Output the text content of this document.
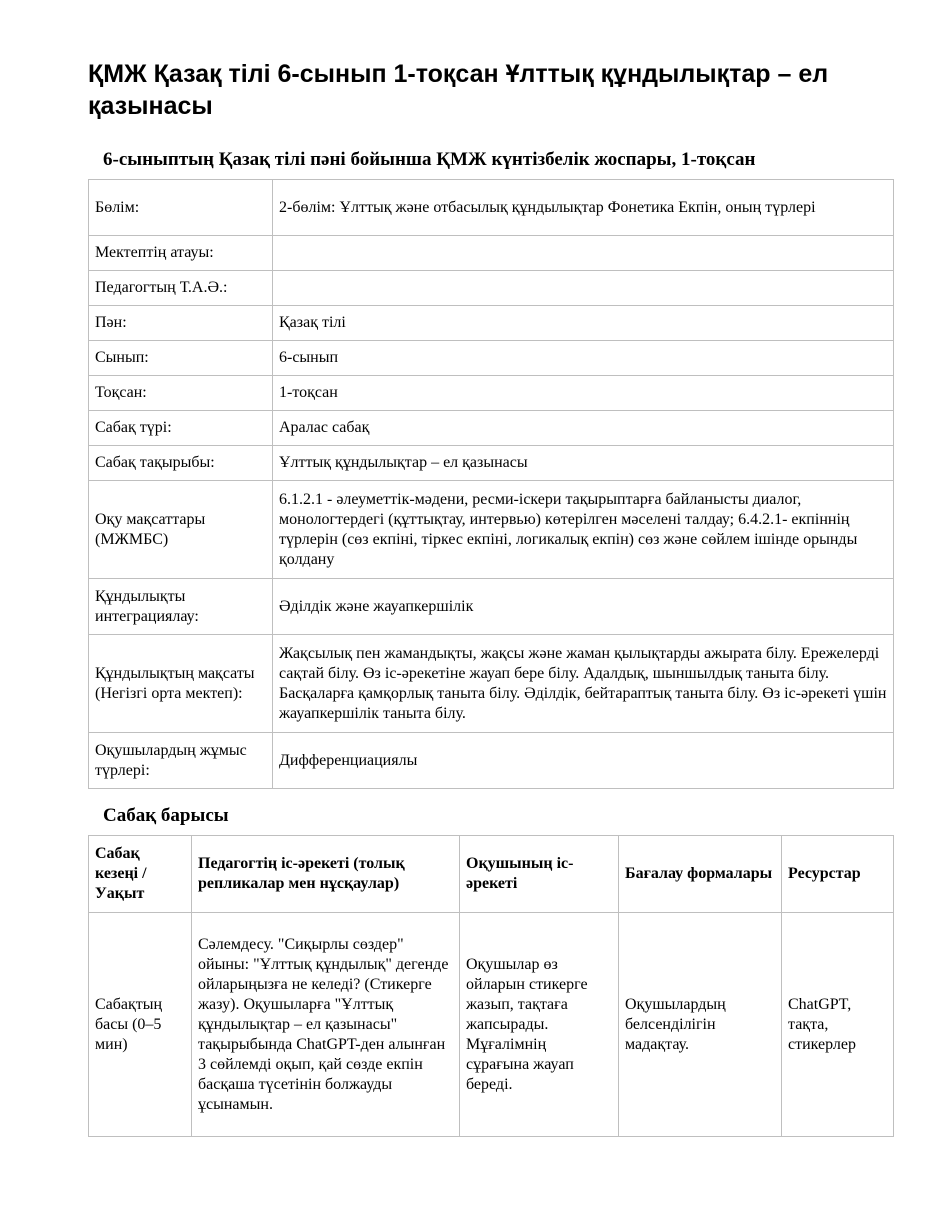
ҚМЖ Қазақ тілі 6-сынып 1-тоқсан Ұлттық құндылықтар – ел қазынасы
6-сыныптың Қазақ тілі пәні бойынша ҚМЖ күнтізбелік жоспары, 1-тоқсан
Бөлім:	2-бөлім: Ұлттық және отбасылық құндылықтар Фонетика Екпін, оның түрлері
Мектептің атауы:	
Педагогтың Т.А.Ә.:	
Пән:	Қазақ тілі
Сынып:	6-сынып
Тоқсан:	1-тоқсан
Сабақ түрі:	Аралас сабақ
Сабақ тақырыбы:	Ұлттық құндылықтар – ел қазынасы
Оқу мақсаттары (МЖМБС)	6.1.2.1 - әлеуметтік-мәдени, ресми-іскери тақырыптарға байланысты диалог, монологтердегі (құттықтау, интервью) көтерілген мәселені талдау; 6.4.2.1- екпіннің түрлерін (сөз екпіні, тіркес екпіні, логикалық екпін) сөз және сөйлем ішінде орынды қолдану
Құндылықты интеграциялау:	Әділдік және жауапкершілік
Құндылықтың мақсаты (Негізгі орта мектеп):	Жақсылық пен жамандықты, жақсы және жаман қылықтарды ажырата білу. Ережелерді сақтай білу. Өз іс-әрекетіне жауап бере білу. Адалдық, шыншылдық таныта білу. Басқаларға қамқорлық таныта білу. Әділдік, бейтараптық таныта білу. Өз іс-әрекеті үшін жауапкершілік таныта білу.
Оқушылардың жұмыс түрлері:	Дифференциациялы
Сабақ барысы
Сабақ кезеңі / Уақыт	Педагогтің іс-әрекеті (толық репликалар мен нұсқаулар)	Оқушының іс-әрекеті	Бағалау формалары	Ресурстар
Сабақтың басы (0–5 мин)	Сәлемдесу. "Сиқырлы сөздер" ойыны: "Ұлттық құндылық" дегенде ойларыңызға не келеді? (Стикерге жазу). Оқушыларға "Ұлттық құндылықтар – ел қазынасы" тақырыбында ChatGPT-ден алынған 3 сөйлемді оқып, қай сөзде екпін басқаша түсетінін болжауды ұсынамын.	Оқушылар өз ойларын стикерге жазып, тақтаға жапсырады. Мұғалімнің сұрағына жауап береді.	Оқушылардың белсенділігін мадақтау.	ChatGPT, тақта, стикерлер
